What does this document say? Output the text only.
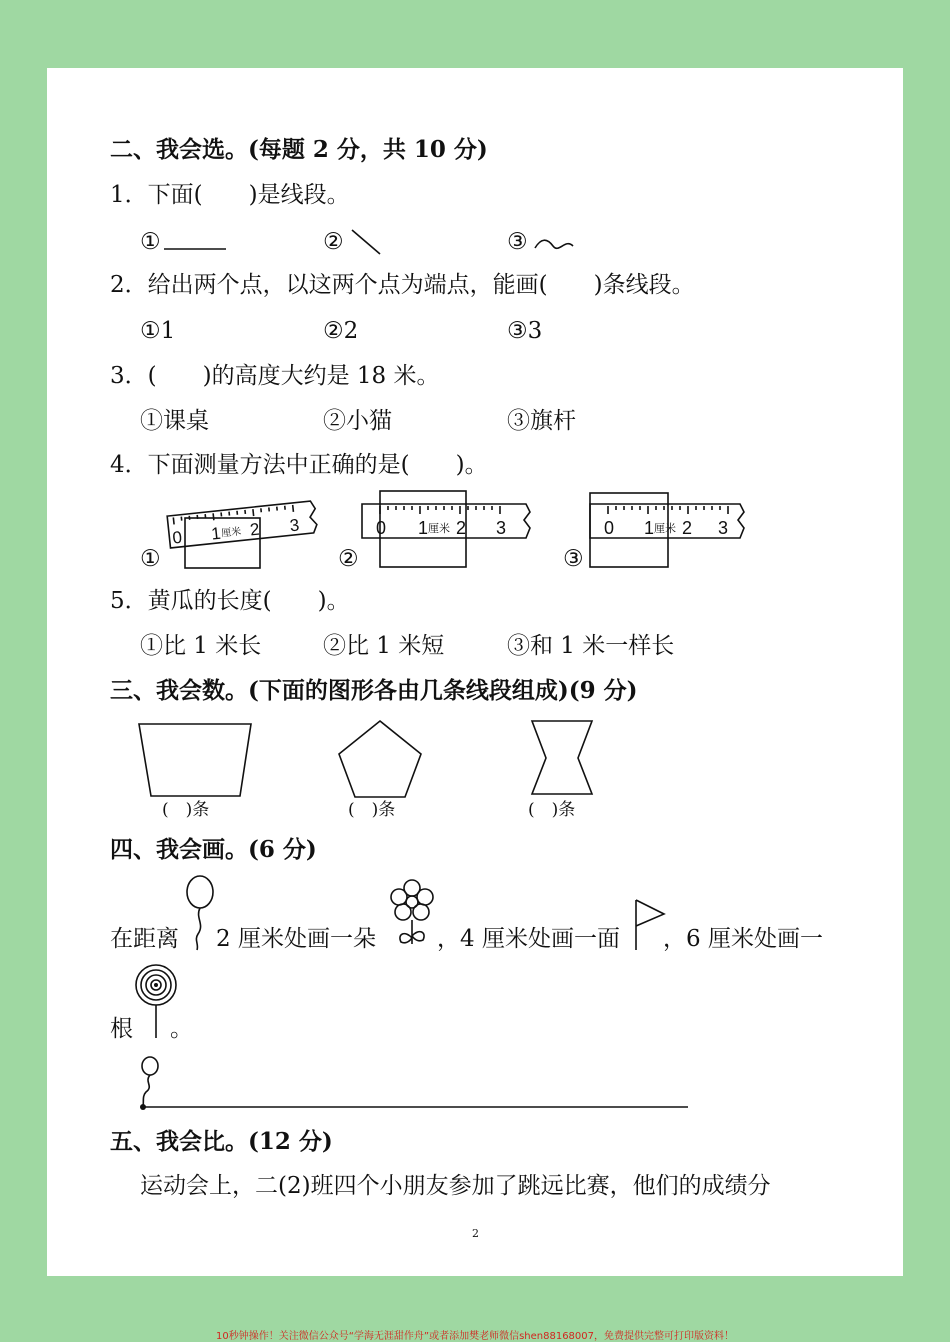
二、我会选。(每题 2 分，共 10 分)
1．下面(　　)是线段。
①	②	③
2．给出两个点，以这两个点为端点，能画(　　)条线段。
①1	②2	③3
3．(　　)的高度大约是 18 米。
①课桌	②小猫	③旗杆
4．下面测量方法中正确的是(　　)。
①
0 1 厘米 2 3
②
0 1 厘米 2 3
③
0 1 厘米 2 3
5．黄瓜的长度(　　)。
①比 1 米长	②比 1 米短	③和 1 米一样长
三、我会数。(下面的图形各由几条线段组成)(9 分)
(　)条	(　)条	(　)条
四、我会画。(6 分)
在距离 2 厘米处画一朵	，4 厘米处画一面 ，6 厘米处画一
根 。
五、我会比。(12 分)
运动会上，二(2)班四个小朋友参加了跳远比赛，他们的成绩分
2
10秒钟操作！关注微信公众号“学海无涯甜作舟”或者添加樊老师微信shen88168007，免费提供完整可打印版资料！
